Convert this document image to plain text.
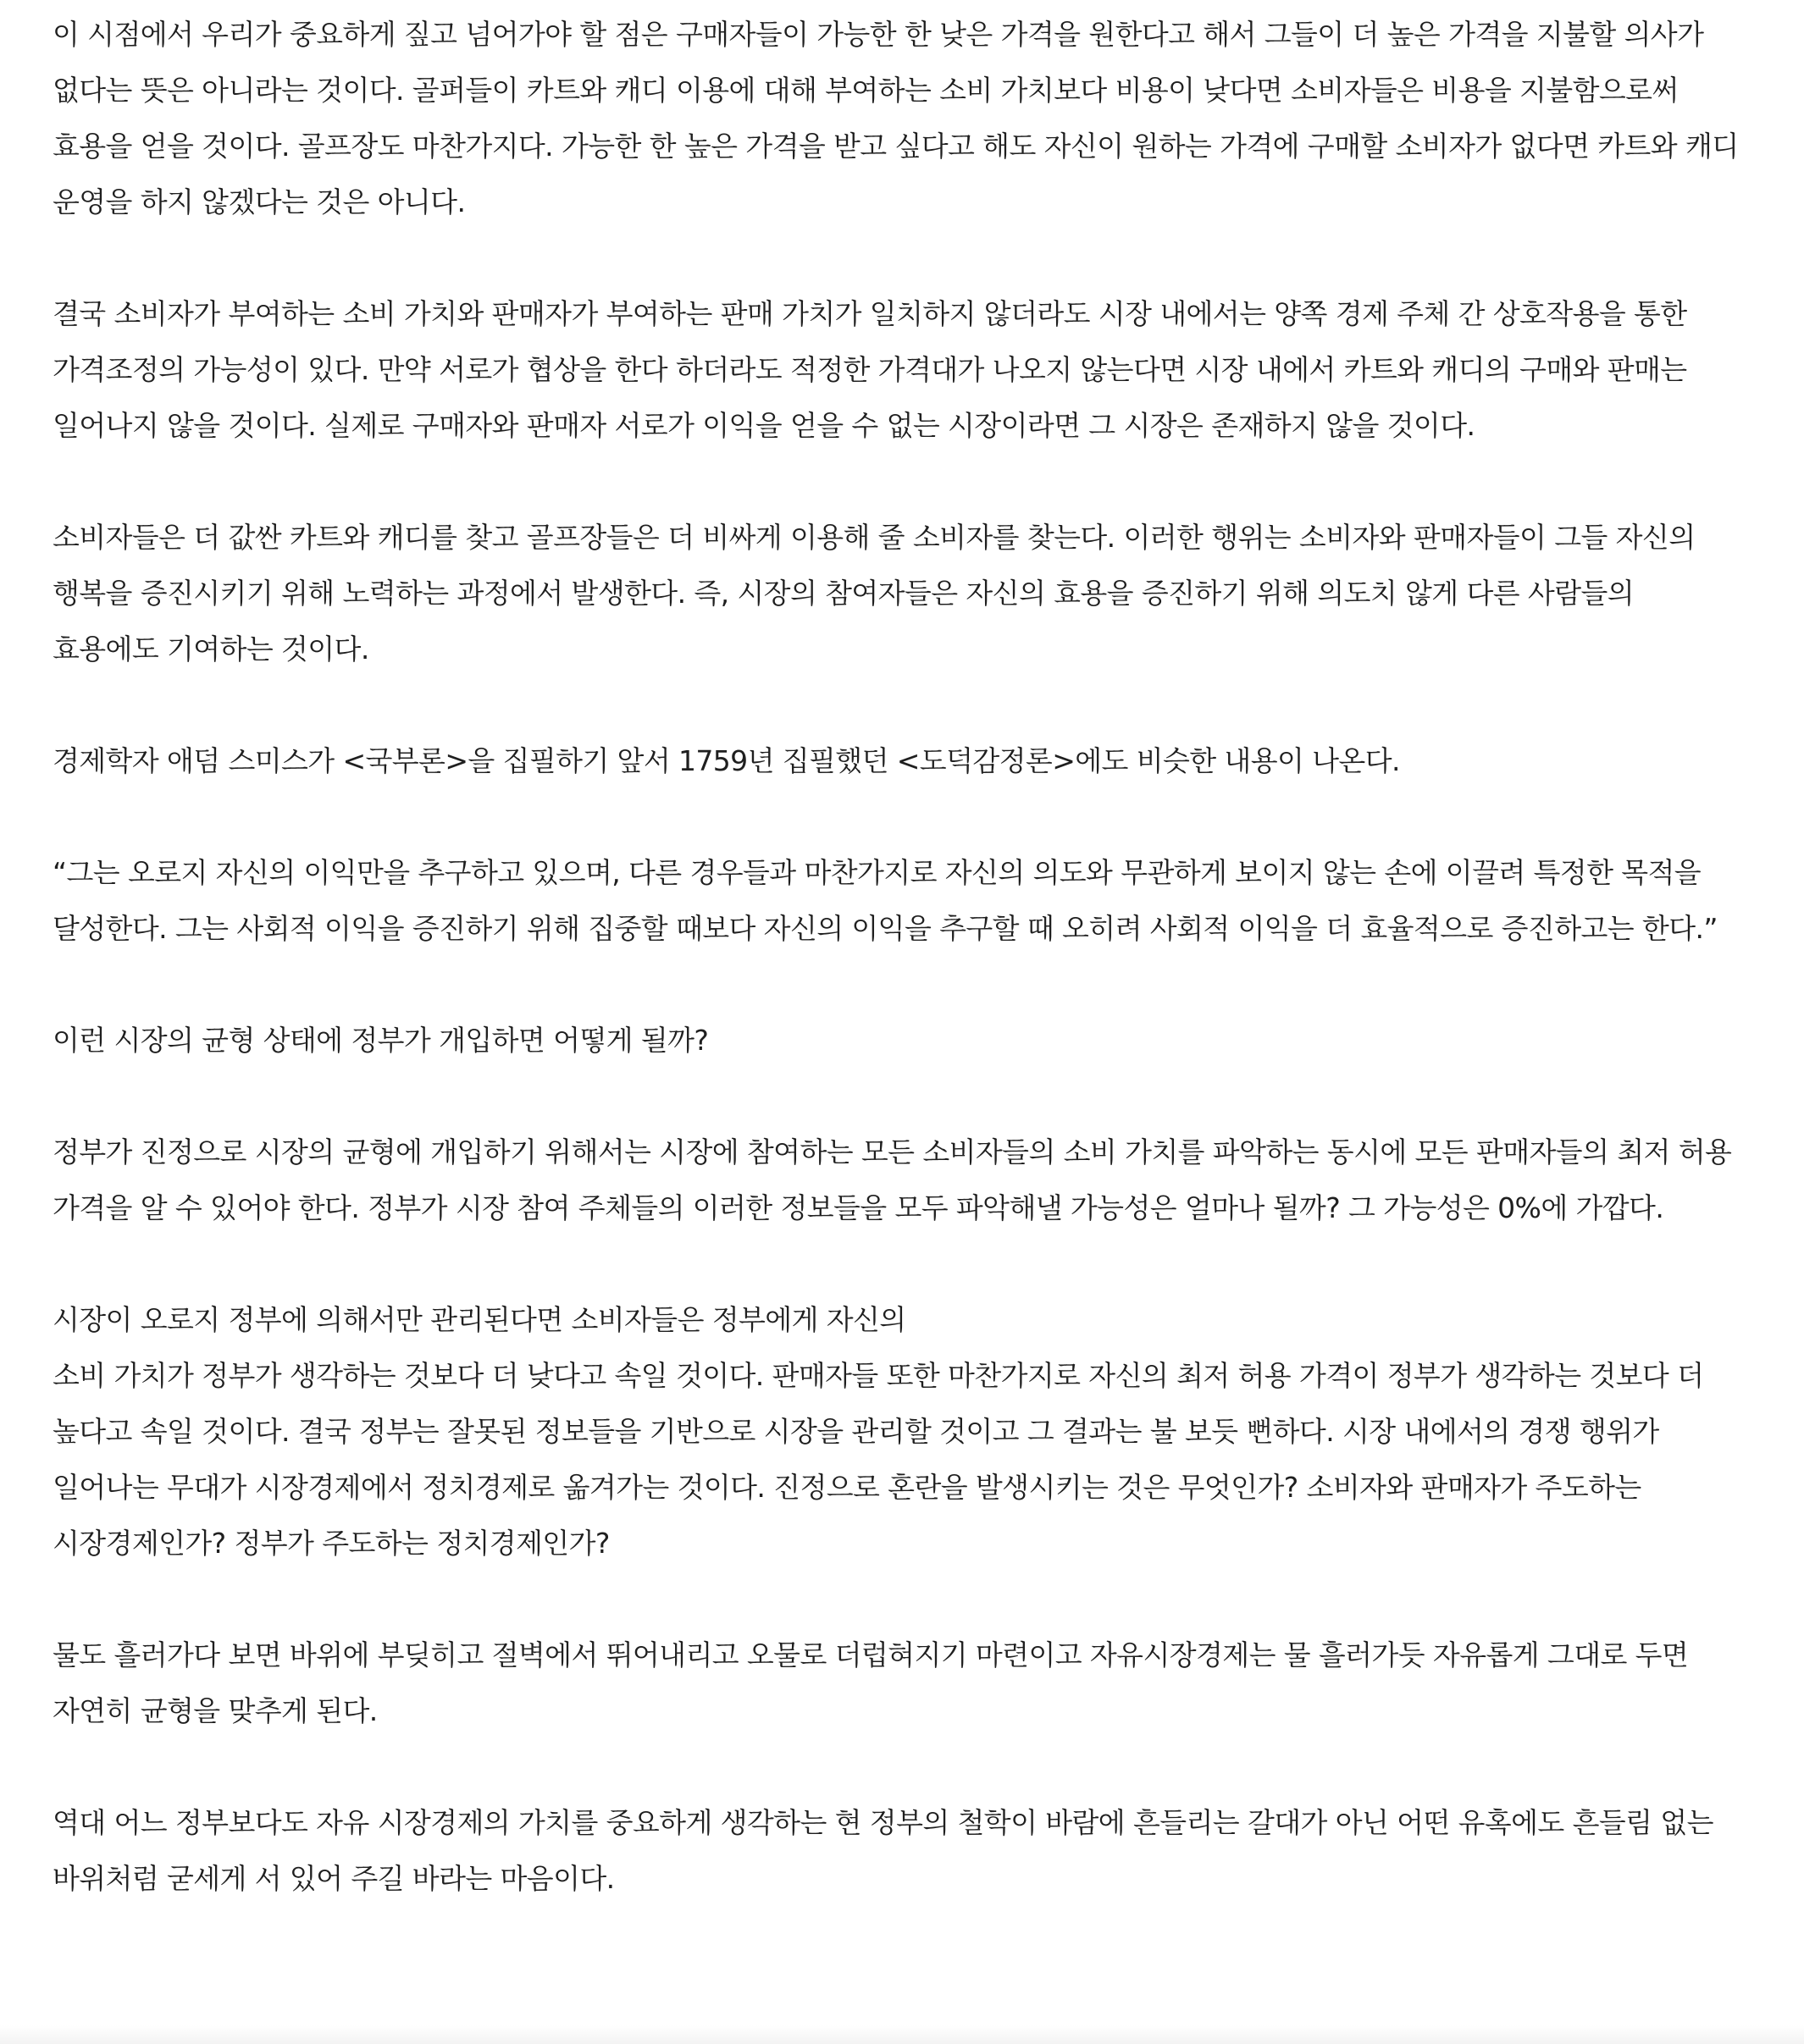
이 시점에서 우리가 중요하게 짚고 넘어가야 할 점은 구매자들이 가능한 한 낮은 가격을 원한다고 해서 그들이 더 높은 가격을 지불할 의사가 없다는 뜻은 아니라는 것이다. 골퍼들이 카트와 캐디 이용에 대해 부여하는 소비 가치보다 비용이 낮다면 소비자들은 비용을 지불함으로써 효용을 얻을 것이다. 골프장도 마찬가지다. 가능한 한 높은 가격을 받고 싶다고 해도 자신이 원하는 가격에 구매할 소비자가 없다면 카트와 캐디 운영을 하지 않겠다는 것은 아니다.

결국 소비자가 부여하는 소비 가치와 판매자가 부여하는 판매 가치가 일치하지 않더라도 시장 내에서는 양쪽 경제 주체 간 상호작용을 통한 가격조정의 가능성이 있다. 만약 서로가 협상을 한다 하더라도 적정한 가격대가 나오지 않는다면 시장 내에서 카트와 캐디의 구매와 판매는 일어나지 않을 것이다. 실제로 구매자와 판매자 서로가 이익을 얻을 수 없는 시장이라면 그 시장은 존재하지 않을 것이다.

소비자들은 더 값싼 카트와 캐디를 찾고 골프장들은 더 비싸게 이용해 줄 소비자를 찾는다. 이러한 행위는 소비자와 판매자들이 그들 자신의 행복을 증진시키기 위해 노력하는 과정에서 발생한다. 즉, 시장의 참여자들은 자신의 효용을 증진하기 위해 의도치 않게 다른 사람들의 효용에도 기여하는 것이다.

경제학자 애덤 스미스가 <국부론>을 집필하기 앞서 1759년 집필했던 <도덕감정론>에도 비슷한 내용이 나온다.

“그는 오로지 자신의 이익만을 추구하고 있으며, 다른 경우들과 마찬가지로 자신의 의도와 무관하게 보이지 않는 손에 이끌려 특정한 목적을 달성한다. 그는 사회적 이익을 증진하기 위해 집중할 때보다 자신의 이익을 추구할 때 오히려 사회적 이익을 더 효율적으로 증진하고는 한다.”

이런 시장의 균형 상태에 정부가 개입하면 어떻게 될까?

정부가 진정으로 시장의 균형에 개입하기 위해서는 시장에 참여하는 모든 소비자들의 소비 가치를 파악하는 동시에 모든 판매자들의 최저 허용 가격을 알 수 있어야 한다. 정부가 시장 참여 주체들의 이러한 정보들을 모두 파악해낼 가능성은 얼마나 될까? 그 가능성은 0%에 가깝다.

시장이 오로지 정부에 의해서만 관리된다면 소비자들은 정부에게 자신의
소비 가치가 정부가 생각하는 것보다 더 낮다고 속일 것이다. 판매자들 또한 마찬가지로 자신의 최저 허용 가격이 정부가 생각하는 것보다 더 높다고 속일 것이다. 결국 정부는 잘못된 정보들을 기반으로 시장을 관리할 것이고 그 결과는 불 보듯 뻔하다. 시장 내에서의 경쟁 행위가 일어나는 무대가 시장경제에서 정치경제로 옮겨가는 것이다. 진정으로 혼란을 발생시키는 것은 무엇인가? 소비자와 판매자가 주도하는 시장경제인가? 정부가 주도하는 정치경제인가?

물도 흘러가다 보면 바위에 부딪히고 절벽에서 뛰어내리고 오물로 더럽혀지기 마련이고 자유시장경제는 물 흘러가듯 자유롭게 그대로 두면 자연히 균형을 맞추게 된다.

역대 어느 정부보다도 자유 시장경제의 가치를 중요하게 생각하는 현 정부의 철학이 바람에 흔들리는 갈대가 아닌 어떤 유혹에도 흔들림 없는 바위처럼 굳세게 서 있어 주길 바라는 마음이다.
